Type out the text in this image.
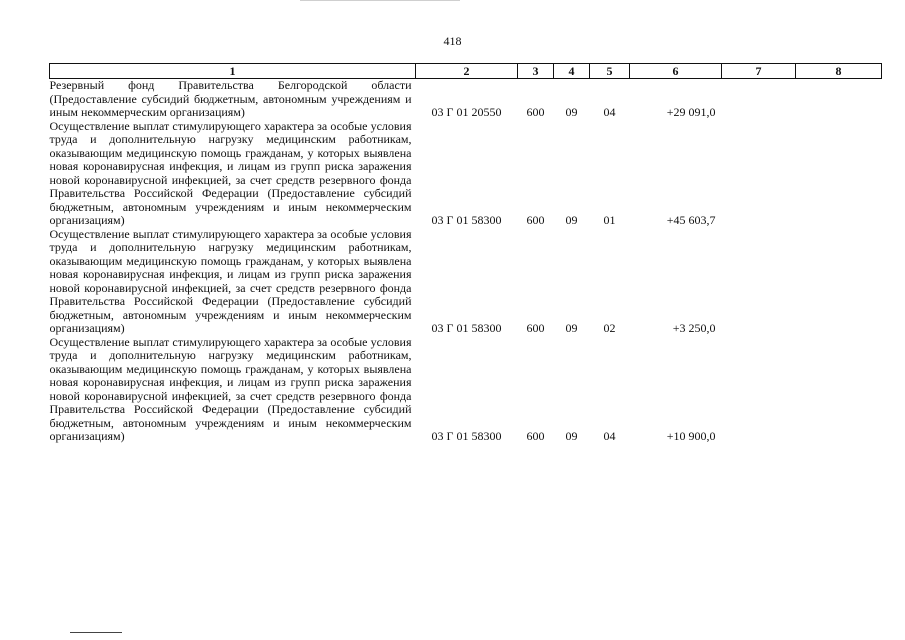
418
1	2	3	4	5	6	7	8
Резервный фонд Правительства Белгородской области (Предоставление субсидий бюджетным, автономным учреждениям и иным некоммерческим организациям)	03 Г 01 20550	600	09	04	+29 091,0		
Осуществление выплат стимулирующего характера за особые условия труда и дополнительную нагрузку медицинским работникам, оказывающим медицинскую помощь гражданам, у которых выявлена новая коронавирусная инфекция, и лицам из групп риска заражения новой коронавирусной инфекцией, за счет средств резервного фонда Правительства Российской Федерации (Предоставление субсидий бюджетным, автономным учреждениям и иным некоммерческим организациям)	03 Г 01 58300	600	09	01	+45 603,7		
Осуществление выплат стимулирующего характера за особые условия труда и дополнительную нагрузку медицинским работникам, оказывающим медицинскую помощь гражданам, у которых выявлена новая коронавирусная инфекция, и лицам из групп риска заражения новой коронавирусной инфекцией, за счет средств резервного фонда Правительства Российской Федерации (Предоставление субсидий бюджетным, автономным учреждениям и иным некоммерческим организациям)	03 Г 01 58300	600	09	02	+3 250,0		
Осуществление выплат стимулирующего характера за особые условия труда и дополнительную нагрузку медицинским работникам, оказывающим медицинскую помощь гражданам, у которых выявлена новая коронавирусная инфекция, и лицам из групп риска заражения новой коронавирусной инфекцией, за счет средств резервного фонда Правительства Российской Федерации (Предоставление субсидий бюджетным, автономным учреждениям и иным некоммерческим организациям)	03 Г 01 58300	600	09	04	+10 900,0		
